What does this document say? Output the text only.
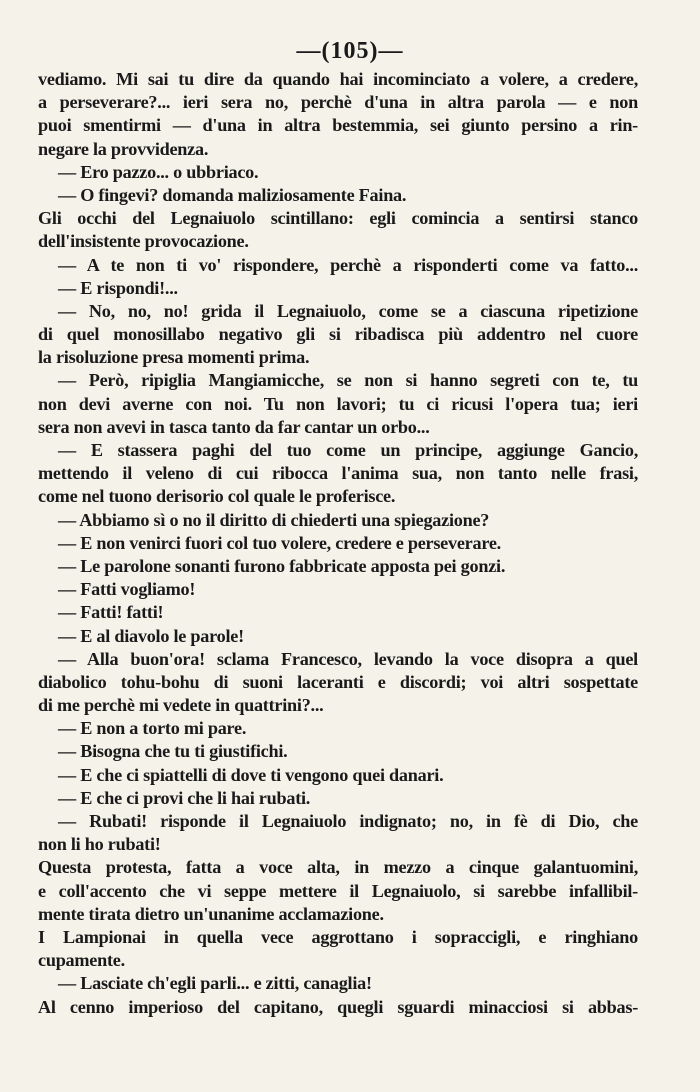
—(105)—
vediamo. Mi sai tu dire da quando hai incominciato a volere, a credere,
a perseverare?... ieri sera no, perchè d'una in altra parola — e non
puoi smentirmi — d'una in altra bestemmia, sei giunto persino a rin-
negare la provvidenza.
— Ero pazzo... o ubbriaco.
— O fingevi? domanda maliziosamente Faina.
Gli occhi del Legnaiuolo scintillano: egli comincia a sentirsi stanco
dell'insistente provocazione.
— A te non ti vo' rispondere, perchè a risponderti come va fatto...
— E rispondi!...
— No, no, no! grida il Legnaiuolo, come se a ciascuna ripetizione
di quel monosillabo negativo gli si ribadisca più addentro nel cuore
la risoluzione presa momenti prima.
— Però, ripiglia Mangiamicche, se non si hanno segreti con te, tu
non devi averne con noi. Tu non lavori; tu ci ricusi l'opera tua; ieri
sera non avevi in tasca tanto da far cantar un orbo...
— E stassera paghi del tuo come un principe, aggiunge Gancio,
mettendo il veleno di cui ribocca l'anima sua, non tanto nelle frasi,
come nel tuono derisorio col quale le proferisce.
— Abbiamo sì o no il diritto di chiederti una spiegazione?
— E non venirci fuori col tuo volere, credere e perseverare.
— Le parolone sonanti furono fabbricate apposta pei gonzi.
— Fatti vogliamo!
— Fatti! fatti!
— E al diavolo le parole!
— Alla buon'ora! sclama Francesco, levando la voce disopra a quel
diabolico tohu-bohu di suoni laceranti e discordi; voi altri sospettate
di me perchè mi vedete in quattrini?...
— E non a torto mi pare.
— Bisogna che tu ti giustifichi.
— E che ci spiattelli di dove ti vengono quei danari.
— E che ci provi che li hai rubati.
— Rubati! risponde il Legnaiuolo indignato; no, in fè di Dio, che
non li ho rubati!
Questa protesta, fatta a voce alta, in mezzo a cinque galantuomini,
e coll'accento che vi seppe mettere il Legnaiuolo, si sarebbe infallibil-
mente tirata dietro un'unanime acclamazione.
I Lampionai in quella vece aggrottano i sopraccigli, e ringhiano
cupamente.
— Lasciate ch'egli parli... e zitti, canaglia!
Al cenno imperioso del capitano, quegli sguardi minacciosi si abbas-
